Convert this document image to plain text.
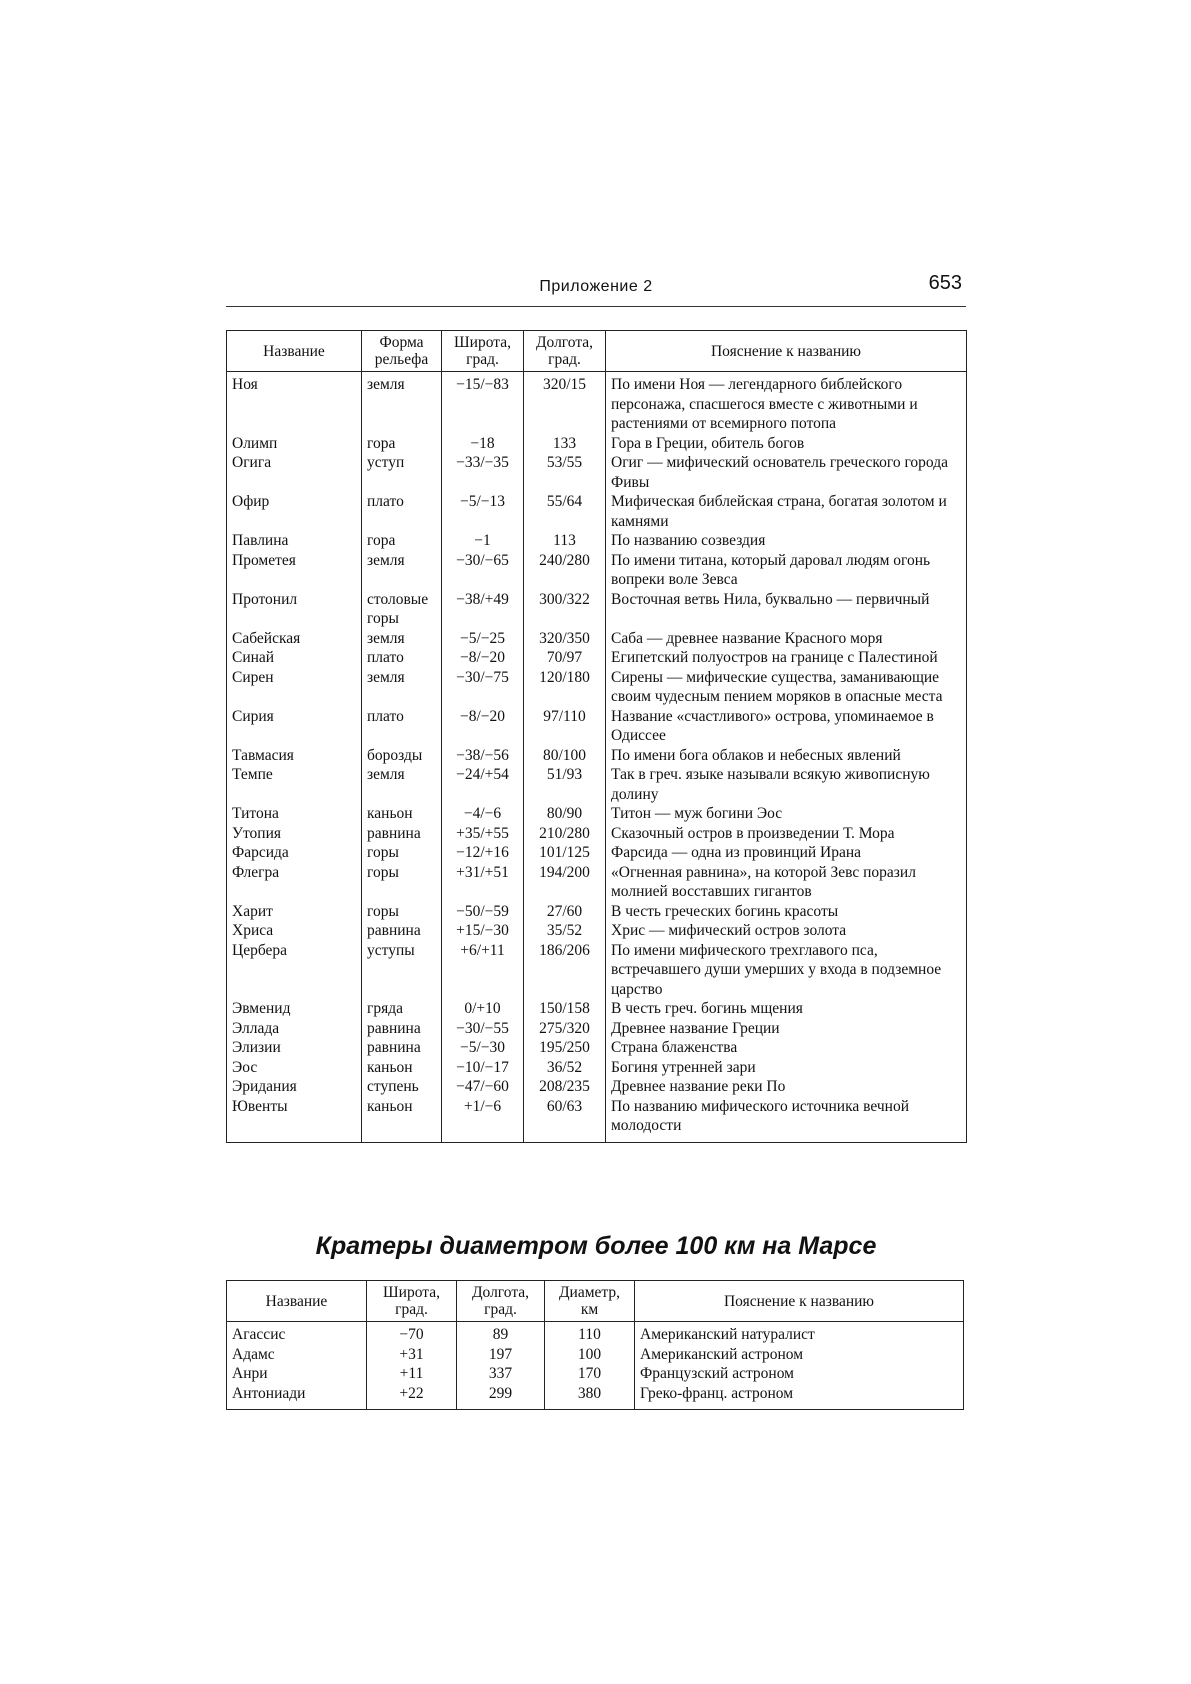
Приложение 2	653
Название	Форма рельефа	Широта, град.	Долгота, град.	Пояснение к названию
Ноя	земля	−15/−83	320/15	По имени Ноя — легендарного библейского персонажа, спасшегося вместе с животными и растениями от всемирного потопа
Олимп	гора	−18	133	Гора в Греции, обитель богов
Огига	уступ	−33/−35	53/55	Огиг — мифический основатель греческого города Фивы
Офир	плато	−5/−13	55/64	Мифическая библейская страна, богатая золотом и камнями
Павлина	гора	−1	113	По названию созвездия
Прометея	земля	−30/−65	240/280	По имени титана, который даровал людям огонь вопреки воле Зевса
Протонил	столовые горы	−38/+49	300/322	Восточная ветвь Нила, буквально — первичный
Сабейская	земля	−5/−25	320/350	Саба — древнее название Красного моря
Синай	плато	−8/−20	70/97	Египетский полуостров на границе с Палестиной
Сирен	земля	−30/−75	120/180	Сирены — мифические существа, заманивающие своим чудесным пением моряков в опасные места
Сирия	плато	−8/−20	97/110	Название «счастливого» острова, упоминаемое в Одиссее
Тавмасия	борозды	−38/−56	80/100	По имени бога облаков и небесных явлений
Темпе	земля	−24/+54	51/93	Так в греч. языке называли всякую живописную долину
Титона	каньон	−4/−6	80/90	Титон — муж богини Эос
Утопия	равнина	+35/+55	210/280	Сказочный остров в произведении Т. Мора
Фарсида	горы	−12/+16	101/125	Фарсида — одна из провинций Ирана
Флегра	горы	+31/+51	194/200	«Огненная равнина», на которой Зевс поразил молнией восставших гигантов
Харит	горы	−50/−59	27/60	В честь греческих богинь красоты
Хриса	равнина	+15/−30	35/52	Хрис — мифический остров золота
Цербера	уступы	+6/+11	186/206	По имени мифического трехглавого пса, встречавшего души умерших у входа в подземное царство
Эвменид	гряда	0/+10	150/158	В честь греч. богинь мщения
Эллада	равнина	−30/−55	275/320	Древнее название Греции
Элизии	равнина	−5/−30	195/250	Страна блаженства
Эос	каньон	−10/−17	36/52	Богиня утренней зари
Эридания	ступень	−47/−60	208/235	Древнее название реки По
Ювенты	каньон	+1/−6	60/63	По названию мифического источника вечной молодости
Кратеры диаметром более 100 км на Марсе
Название	Широта, град.	Долгота, град.	Диаметр, км	Пояснение к названию
Агассис	−70	89	110	Американский натуралист
Адамс	+31	197	100	Американский астроном
Анри	+11	337	170	Французский астроном
Антониади	+22	299	380	Греко-франц. астроном
